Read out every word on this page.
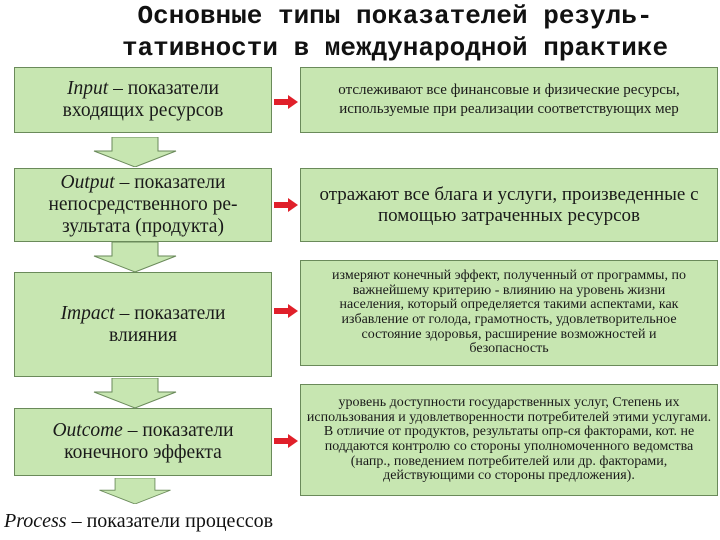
Основные типы показателей резуль-
тативности в международной практике
Input – показатели
входящих ресурсов
отслеживают все финансовые и физические ресурсы, используемые при реализации соответствующих мер
Output – показатели
непосредственного ре-
зультата (продукта)
отражают все блага и услуги, произведенные с помощью затраченных ресурсов
Impact – показатели
влияния
измеряют конечный эффект, полученный от программы, по важнейшему критерию - влиянию на уровень жизни населения, который определяется такими аспектами, как избавление от голода, грамотность, удовлетворительное состояние здоровья, расширение возможностей и безопасность
Outcome – показатели
конечного эффекта
уровень доступности государственных услуг, Степень их использования и удовлетворенности потребителей этими услугами. В отличие от продуктов, результаты опр-ся факторами, кот. не поддаются контролю со стороны уполномоченного ведомства (напр., поведением потребителей или др. факторами, действующими со стороны предложения).
Process – показатели процессов
